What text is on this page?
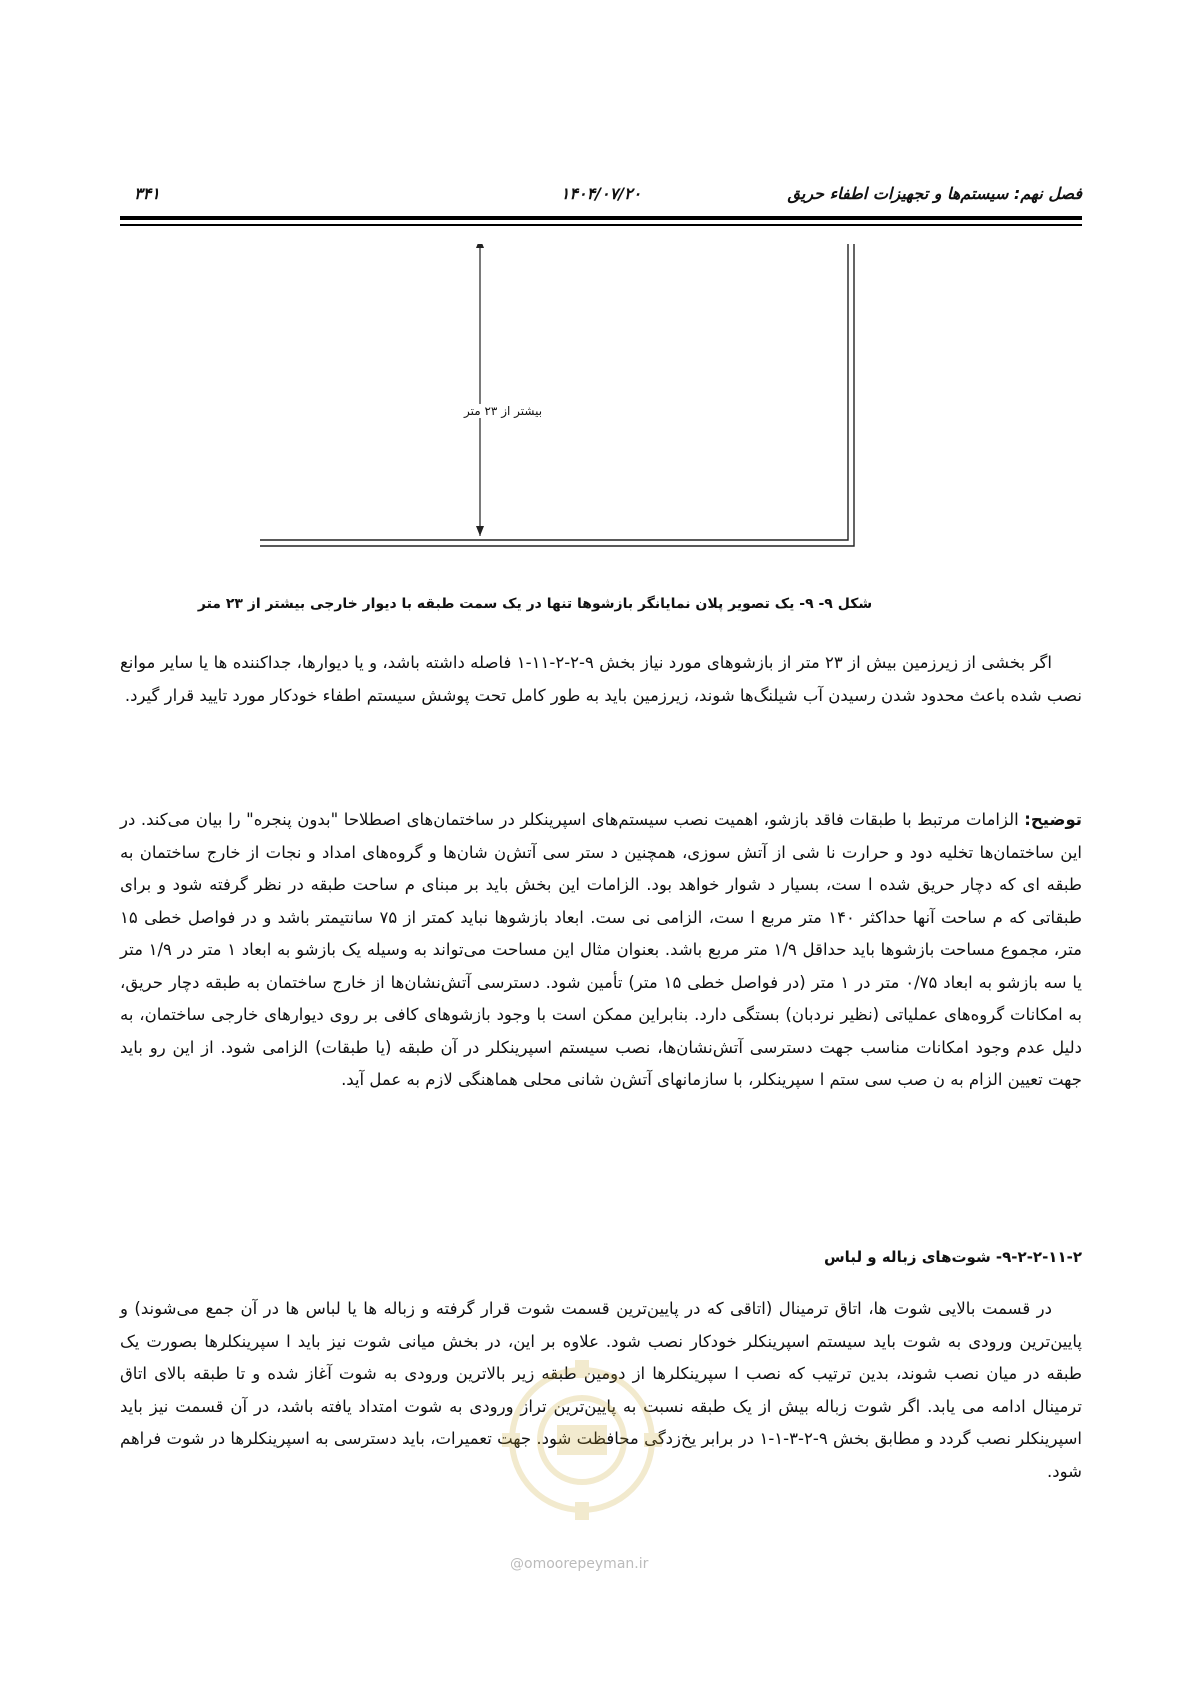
فصل نهم: سیستم‌ها و تجهیزات اطفاء حریق
۱۴۰۴/۰۷/۲۰
۳۴۱
بیشتر از ۲۳ متر
شکل ۹- ۹- یک تصویر پلان نمایانگر بازشوها تنها در یک سمت طبقه با دیوار خارجی بیشتر از ۲۳ متر
اگر بخشی از زیرزمین بیش از ۲۳ متر از بازشوهای مورد نیاز بخش ۹-۲-۲-۱۱-۱ فاصله داشته باشد، و یا دیوارها، جداکننده ها یا سایر موانع نصب شده باعث محدود شدن رسیدن آب شیلنگ‌ها شوند، زیرزمین باید به طور کامل تحت پوشش سیستم اطفاء خودکار مورد تایید قرار گیرد.
توضیح: الزامات مرتبط با طبقات فاقد بازشو، اهمیت نصب سیستم‌های اسپرینکلر در ساختمان‌های اصطلاحا "بدون پنجره" را بیان می‌کند. در این ساختمان‌ها تخلیه دود و حرارت نا شی از آتش سوزی، همچنین د ستر سی آتش‌ن شان‌ها و گروه‌های امداد و نجات از خارج ساختمان به طبقه ای که دچار حریق شده ا ست، بسیار د شوار خواهد بود. الزامات این بخش باید بر مبنای م ساحت طبقه در نظر گرفته شود و برای طبقاتی که م ساحت آنها حداکثر ۱۴۰ متر مربع ا ست، الزامی نی ست. ابعاد بازشوها نباید کمتر از ۷۵ سانتیمتر باشد و در فواصل خطی ۱۵ متر، مجموع مساحت بازشوها باید حداقل ۱/۹ متر مربع باشد. بعنوان مثال این مساحت می‌تواند به وسیله یک بازشو به ابعاد ۱ متر در ۱/۹ متر یا سه بازشو به ابعاد ۰/۷۵ متر در ۱ متر (در فواصل خطی ۱۵ متر) تأمین شود. دسترسی آتش‌نشان‌ها از خارج ساختمان به طبقه دچار حریق، به امکانات گروه‌های عملیاتی (نظیر نردبان) بستگی دارد. بنابراین ممکن است با وجود بازشوهای کافی بر روی دیوارهای خارجی ساختمان، به دلیل عدم وجود امکانات مناسب جهت دسترسی آتش‌نشان‌ها، نصب سیستم اسپرینکلر در آن طبقه (یا طبقات) الزامی شود. از این رو باید جهت تعیین الزام به ن صب سی ستم ا سپرینکلر، با سازمانهای آتش‌ن شانی محلی هماهنگی لازم به عمل آید.
۹-۲-۲-۱۱-۲- شوت‌های زباله و لباس
در قسمت بالایی شوت ها، اتاق ترمینال (اتاقی که در پایین‌ترین قسمت شوت قرار گرفته و زباله ها یا لباس ها در آن جمع می‌شوند) و پایین‌ترین ورودی به شوت باید سیستم اسپرینکلر خودکار نصب شود. علاوه بر این، در بخش میانی شوت نیز باید ا سپرینکلرها بصورت یک طبقه در میان نصب شوند، بدین ترتیب که نصب ا سپرینکلرها از دومین طبقه زیر بالاترین ورودی به شوت آغاز شده و تا طبقه بالای اتاق ترمینال ادامه می یابد. اگر شوت زباله بیش از یک طبقه نسبت به پایین‌ترین تراز ورودی به شوت امتداد یافته باشد، در آن قسمت نیز باید اسپرینکلر نصب گردد و مطابق بخش ۹-۲-۳-۱-۱ در برابر یخ‌زدگی محافظت شود. جهت تعمیرات، باید دسترسی به اسپرینکلرها در شوت فراهم شود.
@omoorepeyman.ir
